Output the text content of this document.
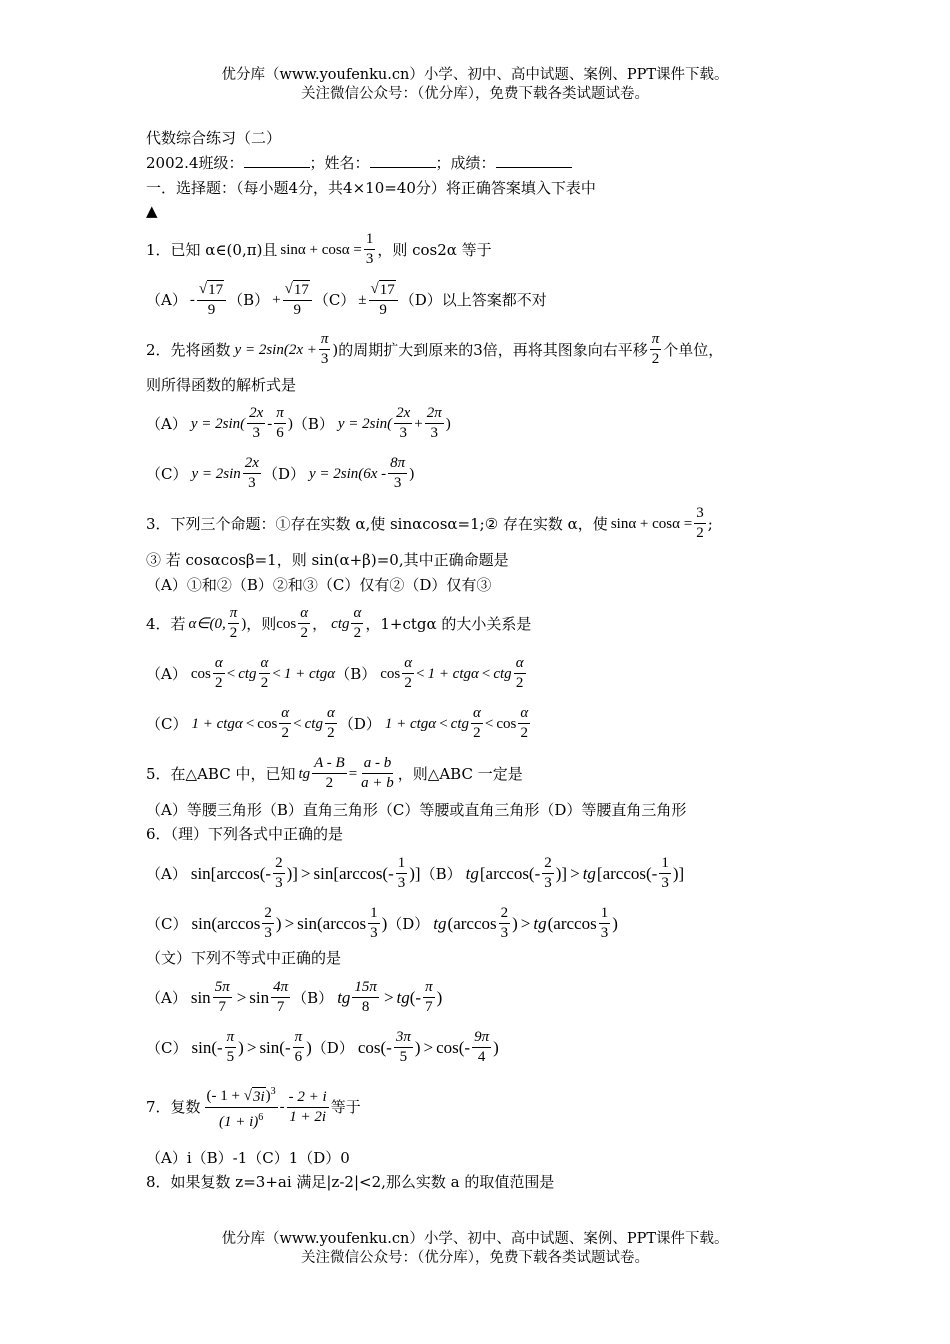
优分库（www.youfenku.cn）小学、初中、高中试题、案例、PPT课件下载。
关注微信公众号：（优分库），免费下载各类试题试卷。
代数综合练习（二）
2002.4班级：	；姓名：	；成绩：
一．选择题：（每小题4分，共4×10=40分）将正确答案填入下表中
▲
1．已知 α∈(0,π)且 $\sin\alpha + \cos\alpha = \frac{1}{3}$ ，则 cos2α 等于
$(A) - \frac{√ 17}{9} (B) + \frac{√ 17}{9} (C) \pm \frac{√ 17}{9} (D)$以上答案都不对
2．先将函数 $y = 2\sin(2x + \frac{\pi}{3}$ )的周期扩大到原来的3倍，再将其图象向右平移 $\frac{\pi}{2}$ 个单位，
则所得函数的解析式是
（A） $y = 2\sin( \frac{2x}{3} - \frac{\pi}{6}$ ) （B） $y = 2\sin( \frac{2x}{3} + \frac{2\pi}{3}$ )
（C） $y = 2\sin \frac{2x}{3} (D) y = 2\sin(6x - \frac{8\pi}{3}$ )
3．下列三个命题：①存在实数 α,使 sinαcosα=1;② 存在实数 α，使 $\sin\alpha + \cos\alpha = \frac{3}{2}$ ;
③ 若 cosαcosβ=1，则 sin(α+β)=0,其中正确命题是
（A）①和②（B）②和③（C）仅有②（D）仅有③
4．若 α∈(0, $\frac{\pi}{2}$ ) ，则 $\cos \frac{\alpha}{2}$ ， ctg $\frac{\alpha}{2}$ ，1+ctgα 的大小关系是
（A） $\cos \frac{\alpha}{2}$ < ctg $\frac{\alpha}{2} < 1 + ctg\alpha$ （B） $\cos \frac{\alpha}{2} < 1 + ctg\alpha$ < ctg $\frac{\alpha}{2}$
（C） $1 + ctg\alpha < \cos \frac{\alpha}{2}$ < ctg $\frac{\alpha}{2} (D) 1 + ctg\alpha$ < ctg $\frac{\alpha}{2} < \cos \frac{\alpha}{2}$
5．在△ABC 中，已知 tg $\frac{A - B}{2} = \frac{a - b}{a + b}$ ，则△ABC 一定是
（A）等腰三角形（B）直角三角形（C）等腰或直角三角形（D）等腰直角三角形
6．（理）下列各式中正确的是
（A） $\sin[\arccos(- \frac{2}{3}$ )] > $\sin[\arccos(- \frac{1}{3}$ )] （B） tg [$\arccos(- \frac{2}{3}$ )] > tg [$\arccos(- \frac{1}{3}$ )]
（C） $\sin(\arccos \frac{2}{3}$ ) > $\sin(\arccos \frac{1}{3}$ ) （D） tg ($\arccos \frac{2}{3}$ ) > tg ($\arccos \frac{1}{3}$ )
（文）下列不等式中正确的是
（A） $\sin \frac{5\pi}{7} > \sin \frac{4\pi}{7} (B)$ tg $\frac{15\pi}{8}$ > tg (- $\frac{\pi}{7}$ )
（C） $\sin(- \frac{\pi}{5}$ ) > $\sin(- \frac{\pi}{6}$ ) （D） $\cos(- \frac{3\pi}{5}$ ) > $\cos(- \frac{9\pi}{4}$ )
7．复数 $\frac{(- 1 + √ 3i )^3}{(1 + i)^6} - \frac{- 2 + i}{1 + 2i}$ 等于
（A）i（B）-1（C）1（D）0
8．如果复数 z=3+ai 满足|z-2|<2,那么实数 a 的取值范围是
优分库（www.youfenku.cn）小学、初中、高中试题、案例、PPT课件下载。
关注微信公众号：（优分库），免费下载各类试题试卷。
